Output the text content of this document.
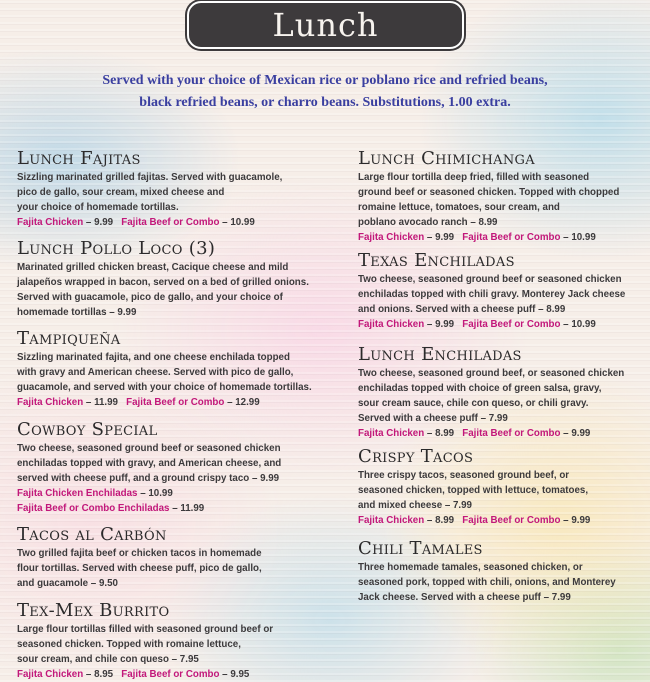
Lunch
Served with your choice of Mexican rice or poblano rice and refried beans,
black refried beans, or charro beans. Substitutions, 1.00 extra.
Lunch Fajitas

Sizzling marinated grilled fajitas. Served with guacamole,
pico de gallo, sour cream, mixed cheese and
your choice of homemade tortillas.

Fajita Chicken – 9.99 Fajita Beef or Combo – 10.99
Lunch Pollo Loco (3)

Marinated grilled chicken breast, Cacique cheese and mild
jalapeños wrapped in bacon, served on a bed of grilled onions.
Served with guacamole, pico de gallo, and your choice of
homemade tortillas – 9.99

Tampiqueña

Sizzling marinated fajita, and one cheese enchilada topped
with gravy and American cheese. Served with pico de gallo,
guacamole, and served with your choice of homemade tortillas.

Fajita Chicken – 11.99 Fajita Beef or Combo – 12.99
Cowboy Special

Two cheese, seasoned ground beef or seasoned chicken
enchiladas topped with gravy, and American cheese, and
served with cheese puff, and a ground crispy taco – 9.99

Fajita Chicken Enchiladas – 10.99
Fajita Beef or Combo Enchiladas – 11.99
Tacos al Carbón

Two grilled fajita beef or chicken tacos in homemade
flour tortillas. Served with cheese puff, pico de gallo,
and guacamole – 9.50

Tex-Mex Burrito

Large flour tortillas filled with seasoned ground beef or
seasoned chicken. Topped with romaine lettuce,
sour cream, and chile con queso – 7.95

Fajita Chicken – 8.95 Fajita Beef or Combo – 9.95
Lunch Chimichanga

Large flour tortilla deep fried, filled with seasoned
ground beef or seasoned chicken. Topped with chopped
romaine lettuce, tomatoes, sour cream, and
poblano avocado ranch – 8.99

Fajita Chicken – 9.99 Fajita Beef or Combo – 10.99
Texas Enchiladas

Two cheese, seasoned ground beef or seasoned chicken
enchiladas topped with chili gravy. Monterey Jack cheese
and onions. Served with a cheese puff – 8.99

Fajita Chicken – 9.99 Fajita Beef or Combo – 10.99
Lunch Enchiladas

Two cheese, seasoned ground beef, or seasoned chicken
enchiladas topped with choice of green salsa, gravy,
sour cream sauce, chile con queso, or chili gravy.
Served with a cheese puff – 7.99

Fajita Chicken – 8.99 Fajita Beef or Combo – 9.99
Crispy Tacos

Three crispy tacos, seasoned ground beef, or
seasoned chicken, topped with lettuce, tomatoes,
and mixed cheese – 7.99

Fajita Chicken – 8.99 Fajita Beef or Combo – 9.99
Chili Tamales

Three homemade tamales, seasoned chicken, or
seasoned pork, topped with chili, onions, and Monterey
Jack cheese. Served with a cheese puff – 7.99
